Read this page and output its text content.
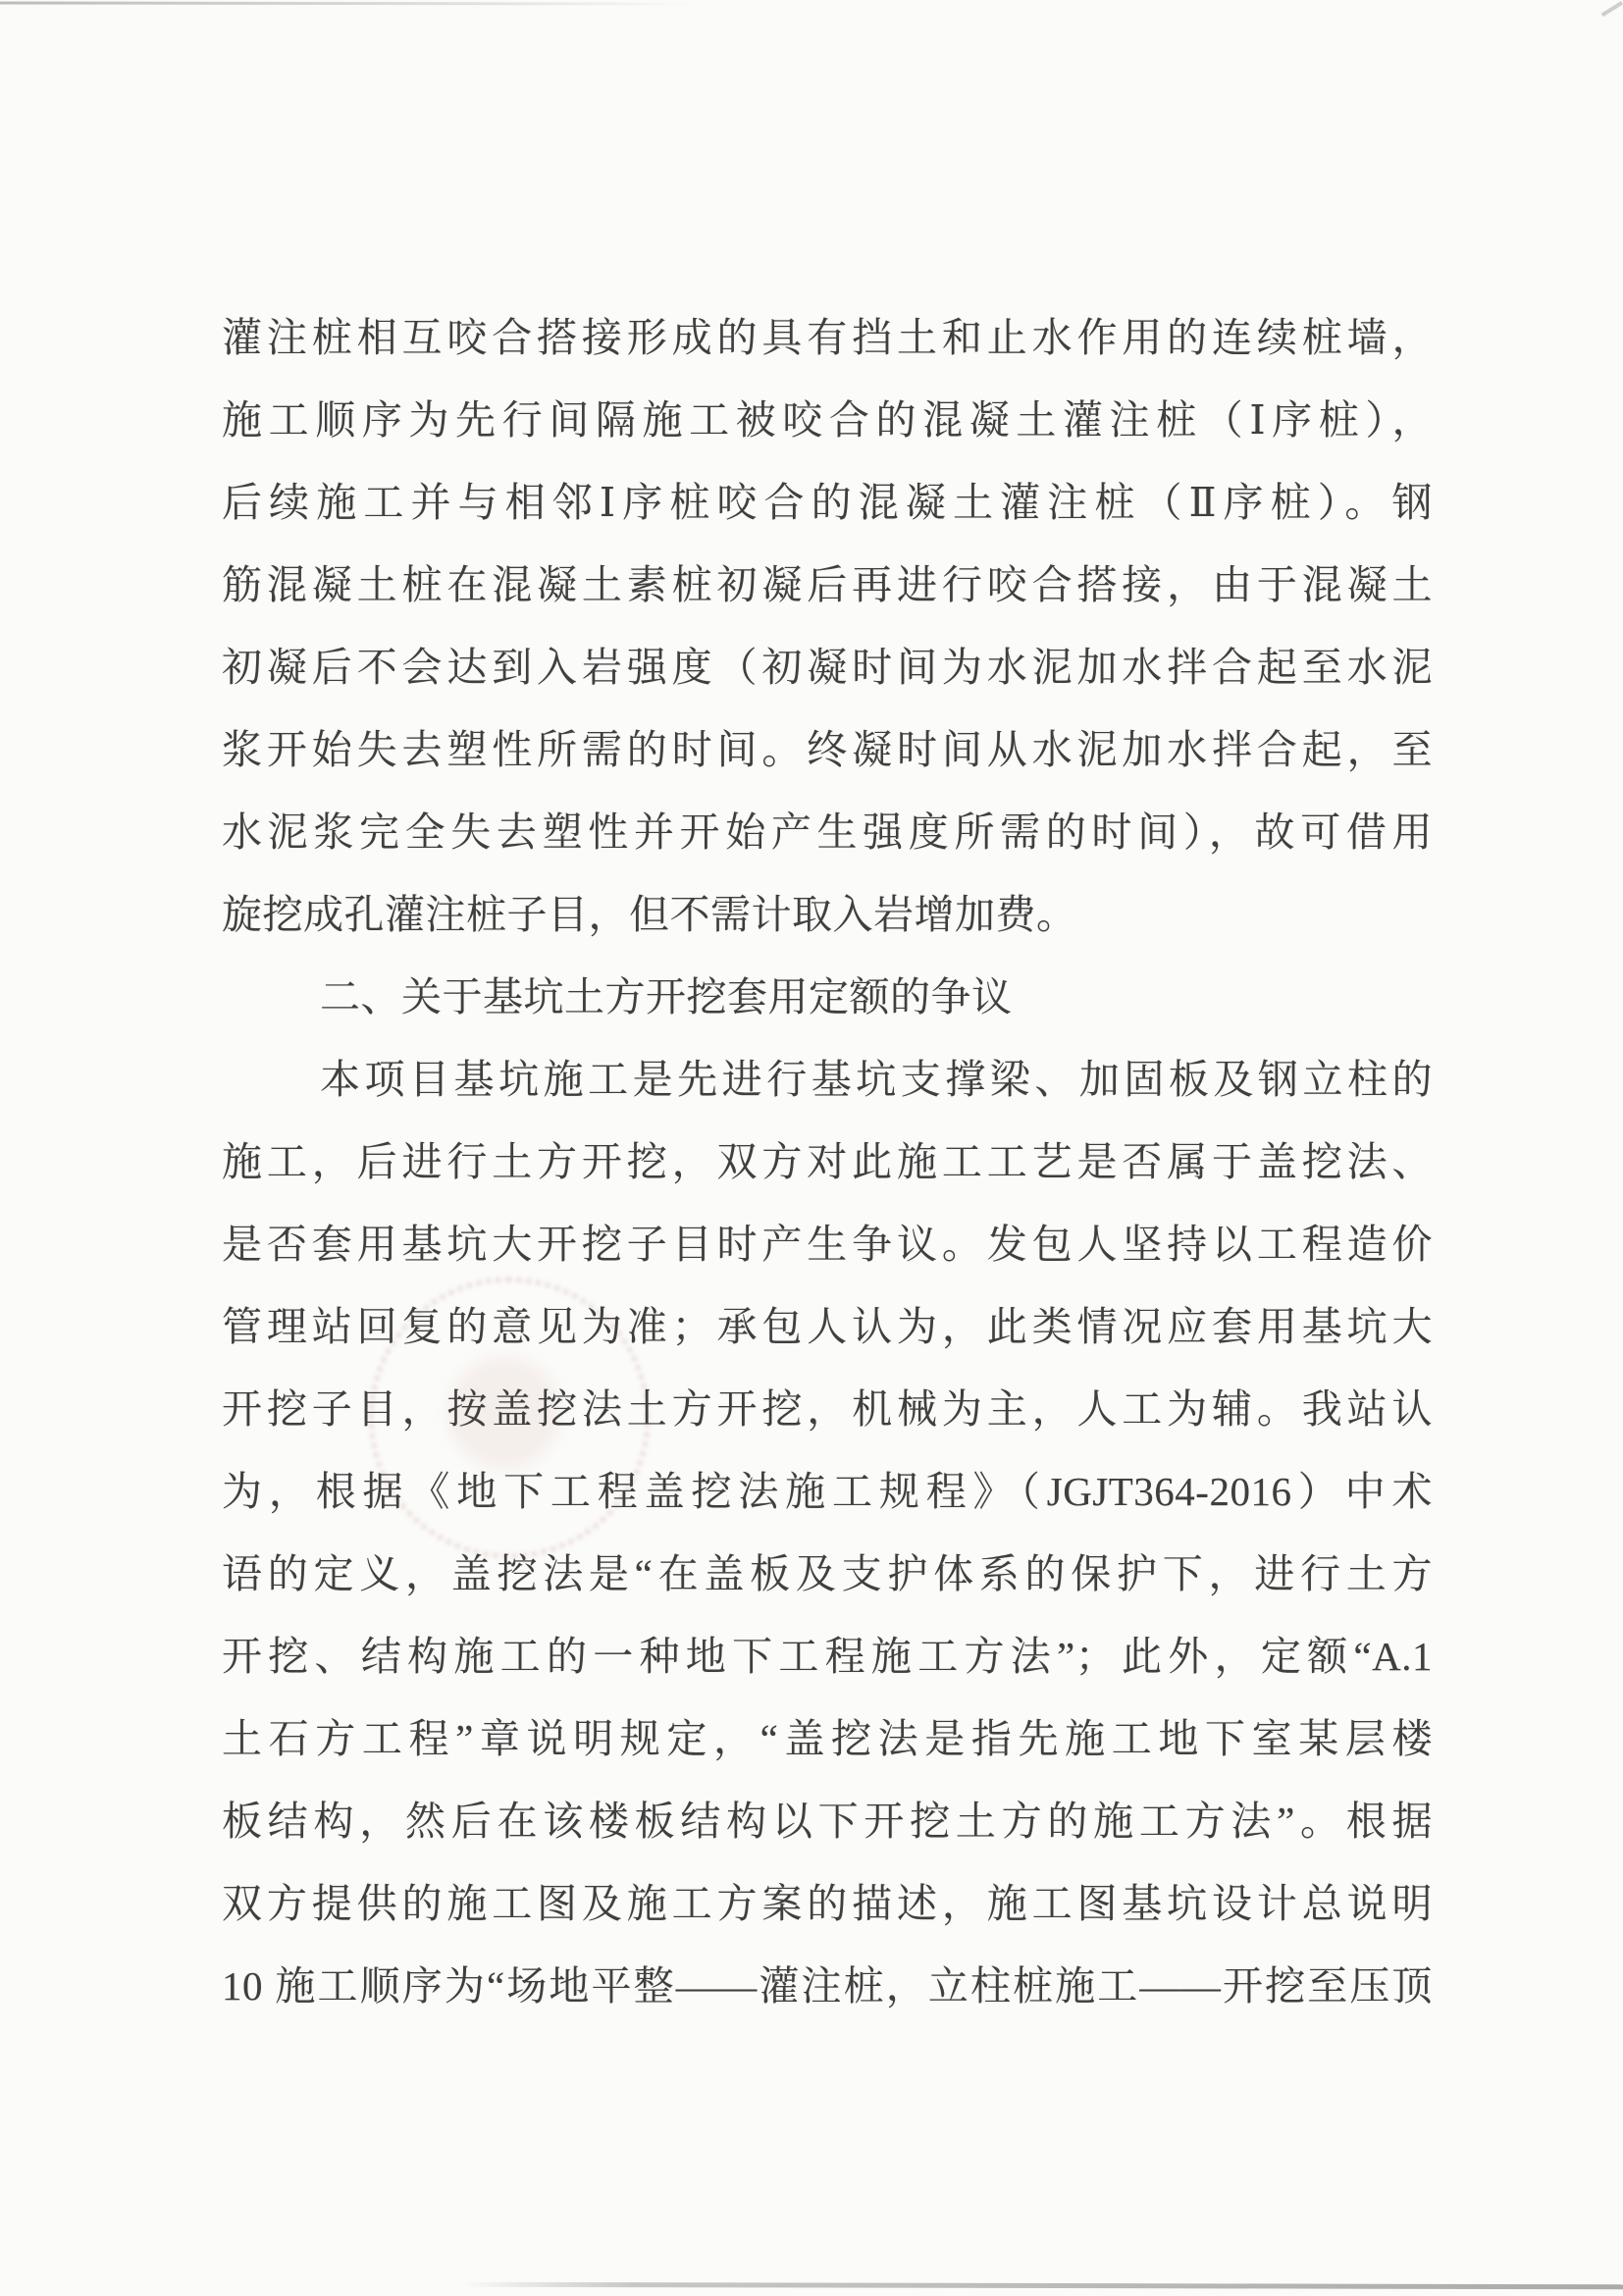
灌注桩相互咬合搭接形成的具有挡土和止水作用的连续桩墙，
施工顺序为先行间隔施工被咬合的混凝土灌注桩（Ⅰ序桩），
后续施工并与相邻Ⅰ序桩咬合的混凝土灌注桩（Ⅱ序桩）。钢
筋混凝土桩在混凝土素桩初凝后再进行咬合搭接，由于混凝土
初凝后不会达到入岩强度（初凝时间为水泥加水拌合起至水泥
浆开始失去塑性所需的时间。终凝时间从水泥加水拌合起，至
水泥浆完全失去塑性并开始产生强度所需的时间），故可借用
旋挖成孔灌注桩子目，但不需计取入岩增加费。
二、关于基坑土方开挖套用定额的争议
本项目基坑施工是先进行基坑支撑梁、加固板及钢立柱的
施工，后进行土方开挖，双方对此施工工艺是否属于盖挖法、
是否套用基坑大开挖子目时产生争议。发包人坚持以工程造价
管理站回复的意见为准；承包人认为，此类情况应套用基坑大
开挖子目，按盖挖法土方开挖，机械为主，人工为辅。我站认
为，根据《地下工程盖挖法施工规程》（JGJT364-2016）中术
语的定义，盖挖法是“在盖板及支护体系的保护下，进行土方
开挖、结构施工的一种地下工程施工方法”；此外，定额“A.1
土石方工程”章说明规定，“盖挖法是指先施工地下室某层楼
板结构，然后在该楼板结构以下开挖土方的施工方法”。根据
双方提供的施工图及施工方案的描述，施工图基坑设计总说明
10 施工顺序为“场地平整——灌注桩，立柱桩施工——开挖至压顶
